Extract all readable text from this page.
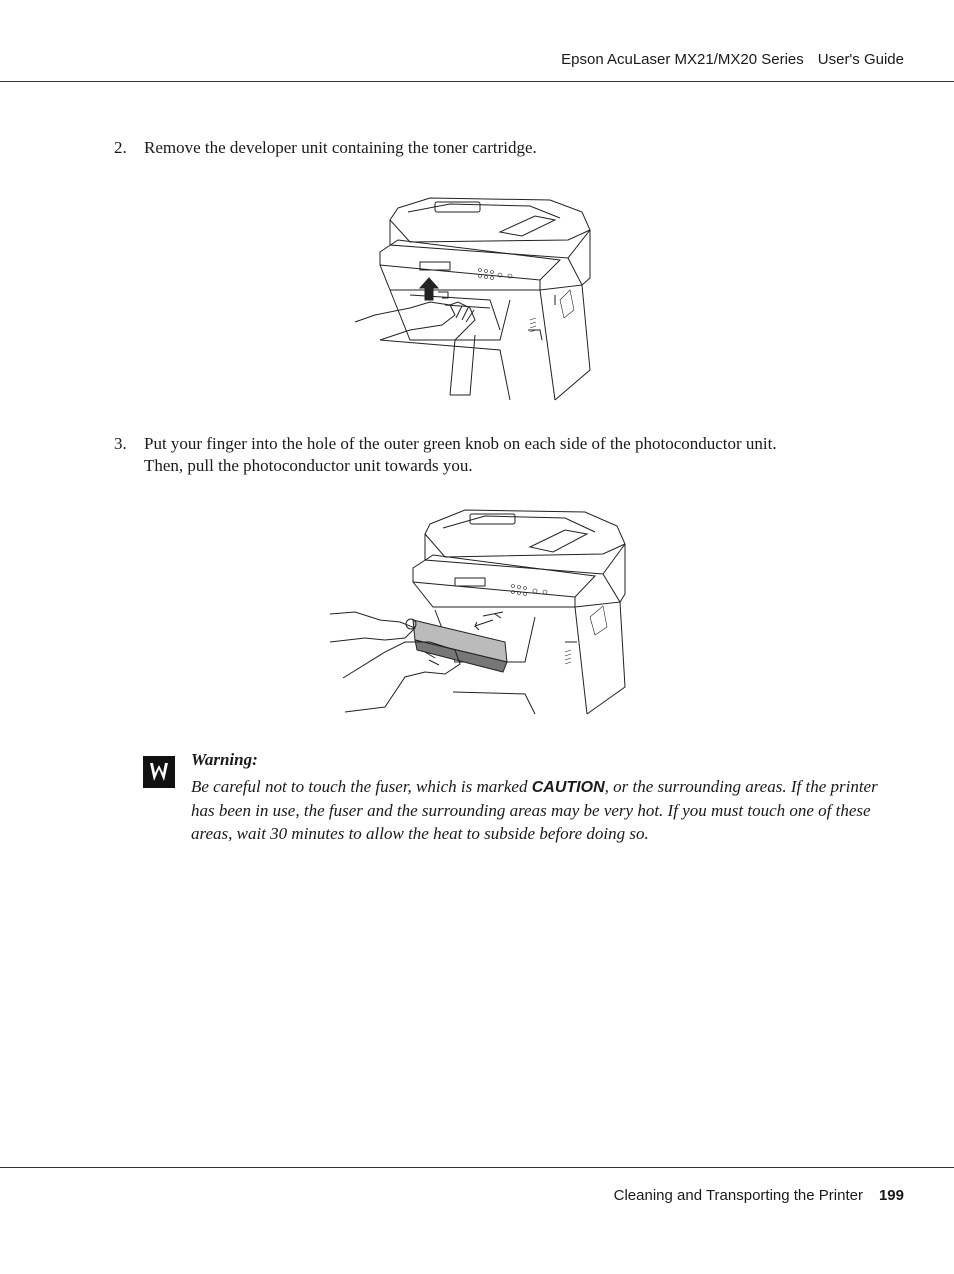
Epson AcuLaser MX21/MX20 Series User's Guide
2. Remove the developer unit containing the toner cartridge.
3. Put your finger into the hole of the outer green knob on each side of the photoconductor unit.
Then, pull the photoconductor unit towards you.
Warning:
Be careful not to touch the fuser, which is marked CAUTION, or the surrounding areas. If the printer has been in use, the fuser and the surrounding areas may be very hot. If you must touch one of these areas, wait 30 minutes to allow the heat to subside before doing so.
Cleaning and Transporting the Printer 199
